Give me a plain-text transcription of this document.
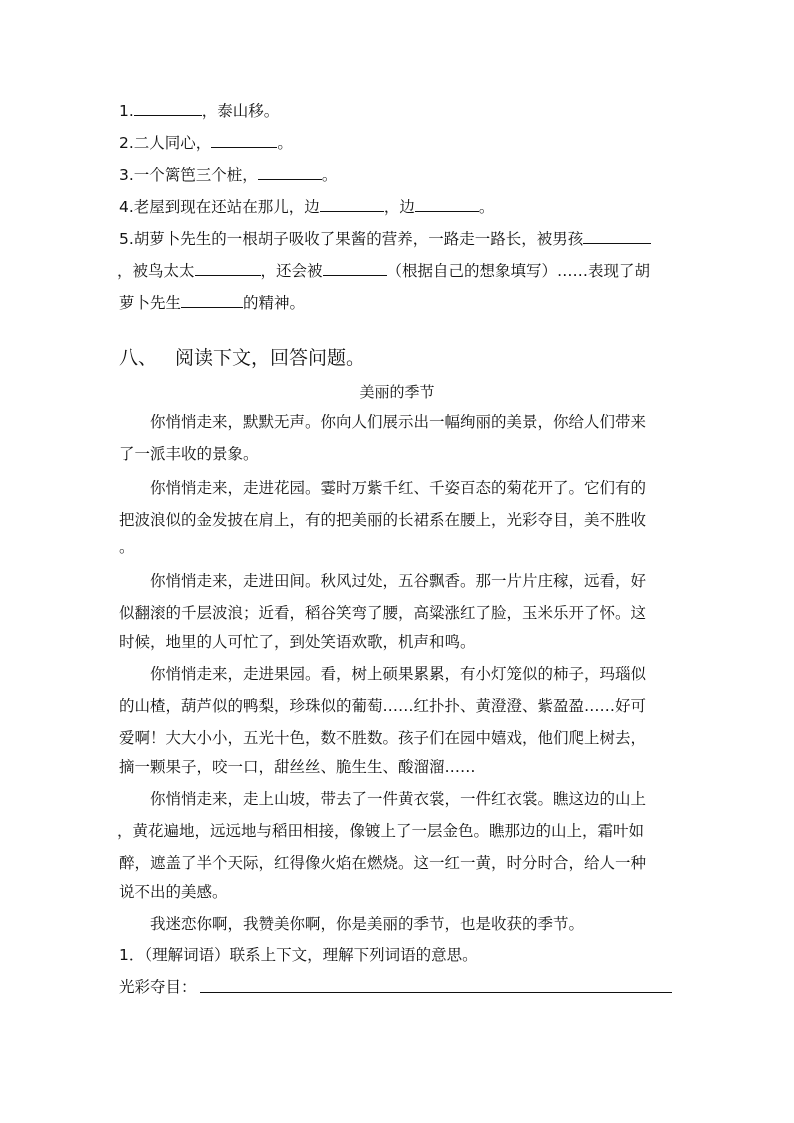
1.	，泰山移。
2.二人同心，	。
3.一个篱笆三个桩，	。
4.老屋到现在还站在那儿，边	，边	。
5.胡萝卜先生的一根胡子吸收了果酱的营养，一路走一路长，被男孩
，被鸟太太	，还会被	（根据自己的想象填写）……表现了胡
萝卜先生	的精神。
八、 阅读下文，回答问题。
美丽的季节
你悄悄走来，默默无声。你向人们展示出一幅绚丽的美景，你给人们带来
了一派丰收的景象。
你悄悄走来，走进花园。霎时万紫千红、千姿百态的菊花开了。它们有的
把波浪似的金发披在肩上，有的把美丽的长裙系在腰上，光彩夺目，美不胜收
。
你悄悄走来，走进田间。秋风过处，五谷飘香。那一片片庄稼，远看，好
似翻滚的千层波浪；近看，稻谷笑弯了腰，高粱涨红了脸，玉米乐开了怀。这
时候，地里的人可忙了，到处笑语欢歌，机声和鸣。
你悄悄走来，走进果园。看，树上硕果累累，有小灯笼似的柿子，玛瑙似
的山楂，葫芦似的鸭梨，珍珠似的葡萄……红扑扑、黄澄澄、紫盈盈……好可
爱啊！大大小小，五光十色，数不胜数。孩子们在园中嬉戏，他们爬上树去，
摘一颗果子，咬一口，甜丝丝、脆生生、酸溜溜……
你悄悄走来，走上山坡，带去了一件黄衣裳，一件红衣裳。瞧这边的山上
，黄花遍地，远远地与稻田相接，像镀上了一层金色。瞧那边的山上，霜叶如
醉，遮盖了半个天际，红得像火焰在燃烧。这一红一黄，时分时合，给人一种
说不出的美感。
我迷恋你啊，我赞美你啊，你是美丽的季节，也是收获的季节。
1．（理解词语）联系上下文，理解下列词语的意思。
光彩夺目：
